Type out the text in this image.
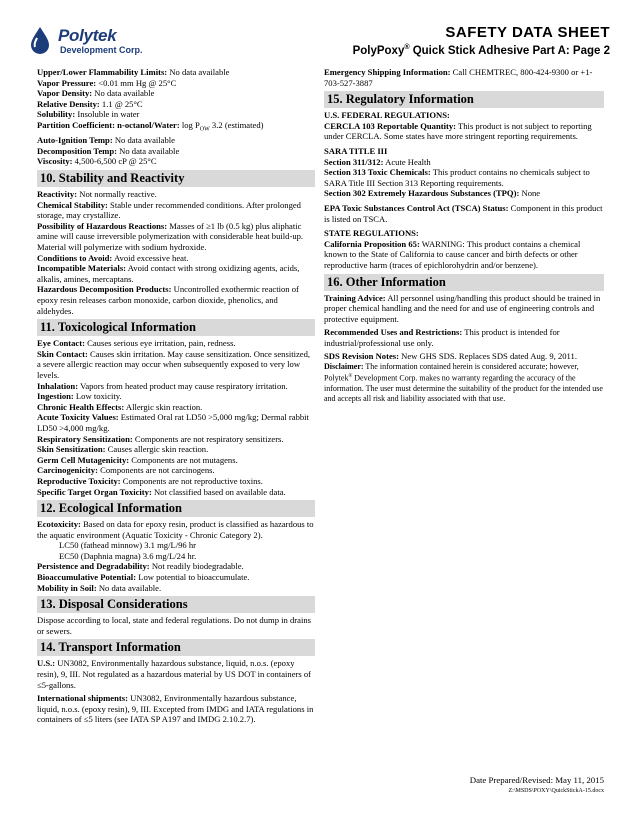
Polytek
Development Corp.
SAFETY DATA SHEET
PolyPoxy® Quick Stick Adhesive Part A: Page 2

Upper/Lower Flammability Limits: No data available

Vapor Pressure: <0.01 mm Hg @ 25°C

Vapor Density: No data available

Relative Density: 1.1 @ 25°C

Solubility: Insoluble in water

Partition Coefficient: n-octanol/Water: $\log P_{OW}$ 3.2 (estimated)

Auto-Ignition Temp: No data available

Decomposition Temp: No data available

Viscosity: 4,500-6,500 cP @ 25°C

10. Stability and Reactivity

Reactivity: Not normally reactive.

Chemical Stability: Stable under recommended conditions. After prolonged storage, may crystallize.

Possibility of Hazardous Reactions: Masses of ≥1 lb (0.5 kg) plus aliphatic amine will cause irreversible polymerization with considerable heat build-up. Material will polymerize with sodium hydroxide.

Conditions to Avoid: Avoid excessive heat.

Incompatible Materials: Avoid contact with strong oxidizing agents, acids, alkalis, amines, mercaptans.

Hazardous Decomposition Products: Uncontrolled exothermic reaction of epoxy resin releases carbon monoxide, carbon dioxide, phenolics, and aldehydes.

11. Toxicological Information

Eye Contact: Causes serious eye irritation, pain, redness.

Skin Contact: Causes skin irritation. May cause sensitization. Once sensitized, a severe allergic reaction may occur when subsequently exposed to very low levels.

Inhalation: Vapors from heated product may cause respiratory irritation.

Ingestion: Low toxicity.

Chronic Health Effects: Allergic skin reaction.

Acute Toxicity Values: Estimated Oral rat LD50 >5,000 mg/kg; Dermal rabbit LD50 >4,000 mg/kg.

Respiratory Sensitization: Components are not respiratory sensitizers.

Skin Sensitization: Causes allergic skin reaction.

Germ Cell Mutagenicity: Components are not mutagens.

Carcinogenicity: Components are not carcinogens.

Reproductive Toxicity: Components are not reproductive toxins.

Specific Target Organ Toxicity: Not classified based on available data.

12. Ecological Information

Ecotoxicity: Based on data for epoxy resin, product is classified as hazardous to the aquatic environment (Aquatic Toxicity - Chronic Category 2).

LC50 (fathead minnow) 3.1 mg/L/96 hr

EC50 (Daphnia magna) 3.6 mg/L/24 hr.

Persistence and Degradability: Not readily biodegradable.

Bioaccumulative Potential: Low potential to bioaccumulate.

Mobility in Soil: No data available.

13. Disposal Considerations

Dispose according to local, state and federal regulations. Do not dump in drains or sewers.

14. Transport Information

U.S.: UN3082, Environmentally hazardous substance, liquid, n.o.s. (epoxy resin), 9, III. Not regulated as a hazardous material by US DOT in containers of ≤5-gallons.

International shipments: UN3082, Environmentally hazardous substance, liquid, n.o.s. (epoxy resin), 9, III. Excepted from IMDG and IATA regulations in containers of ≤5 liters (see IATA SP A197 and IMDG 2.10.2.7).

Emergency Shipping Information: Call CHEMTREC, 800-424-9300 or +1-703-527-3887

15. Regulatory Information

U.S. FEDERAL REGULATIONS:

CERCLA 103 Reportable Quantity: This product is not subject to reporting under CERCLA. Some states have more stringent reporting requirements.

SARA TITLE III

Section 311/312: Acute Health

Section 313 Toxic Chemicals: This product contains no chemicals subject to SARA Title III Section 313 Reporting requirements.

Section 302 Extremely Hazardous Substances (TPQ): None

EPA Toxic Substances Control Act (TSCA) Status: Component in this product is listed on TSCA.

STATE REGULATIONS:

California Proposition 65: WARNING: This product contains a chemical known to the State of California to cause cancer and birth defects or other reproductive harm (traces of epichlorohydrin and/or benzene).

16. Other Information

Training Advice: All personnel using/handling this product should be trained in proper chemical handling and the need for and use of engineering controls and protective equipment.

Recommended Uses and Restrictions: This product is intended for industrial/professional use only.

SDS Revision Notes: New GHS SDS. Replaces SDS dated Aug. 9, 2011.

Disclaimer: The information contained herein is considered accurate; however, Polytek® Development Corp. makes no warranty regarding the accuracy of the information. The user must determine the suitability of the product for the intended use and accepts all risk and liability associated with that use.

Date Prepared/Revised: May 11, 2015
Z:\MSDS\POXY\QuickStickA-15.docx
